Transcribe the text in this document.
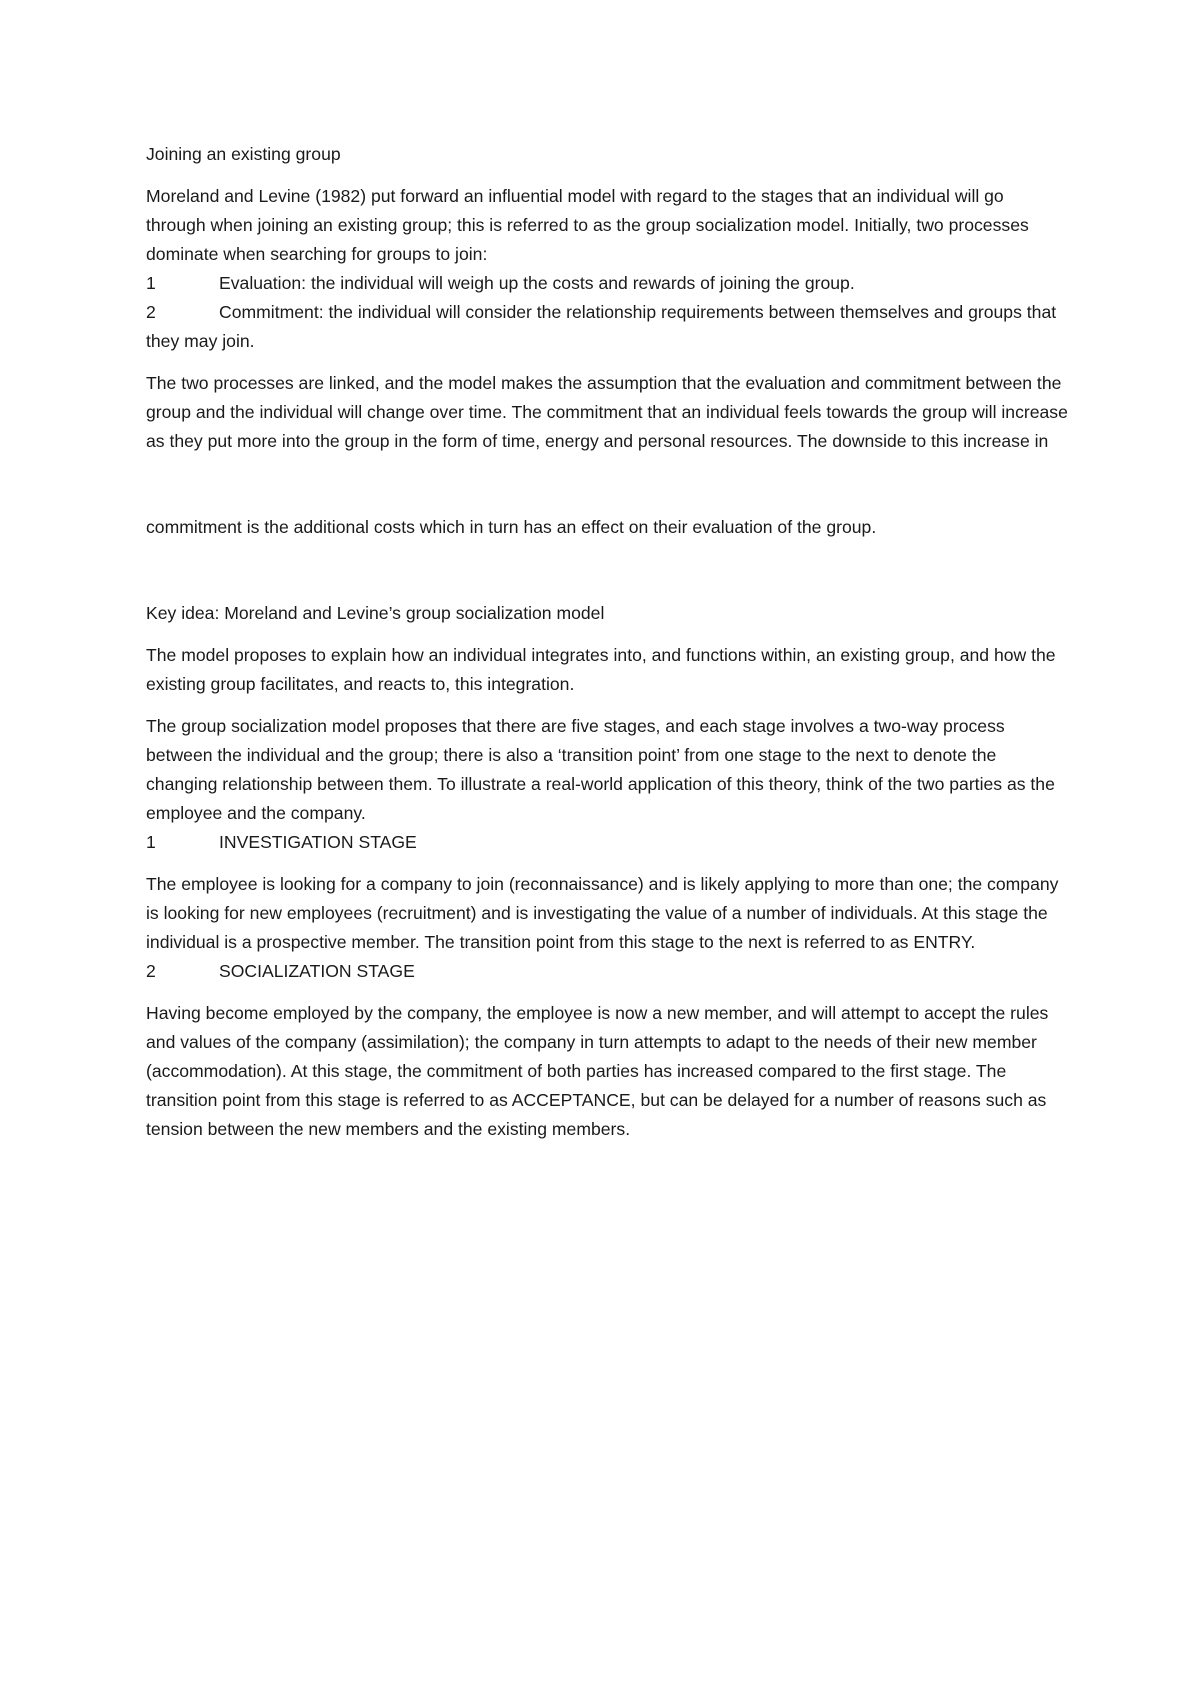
Joining an existing group

Moreland and Levine (1982) put forward an influential model with regard to the stages that an individual will go through when joining an existing group; this is referred to as the group socialization model. Initially, two processes dominate when searching for groups to join:

1	Evaluation: the individual will weigh up the costs and rewards of joining the group.

2	Commitment: the individual will consider the relationship requirements between themselves and groups that they may join.

The two processes are linked, and the model makes the assumption that the evaluation and commitment between the group and the individual will change over time. The commitment that an individual feels towards the group will increase as they put more into the group in the form of time, energy and personal resources. The downside to this increase in

commitment is the additional costs which in turn has an effect on their evaluation of the group.

Key idea: Moreland and Levine’s group socialization model

The model proposes to explain how an individual integrates into, and functions within, an existing group, and how the existing group facilitates, and reacts to, this integration.

The group socialization model proposes that there are five stages, and each stage involves a two-way process between the individual and the group; there is also a ‘transition point’ from one stage to the next to denote the changing relationship between them. To illustrate a real-world application of this theory, think of the two parties as the employee and the company.

1	INVESTIGATION STAGE

The employee is looking for a company to join (reconnaissance) and is likely applying to more than one; the company is looking for new employees (recruitment) and is investigating the value of a number of individuals. At this stage the individual is a prospective member. The transition point from this stage to the next is referred to as ENTRY.

2	SOCIALIZATION STAGE

Having become employed by the company, the employee is now a new member, and will attempt to accept the rules and values of the company (assimilation); the company in turn attempts to adapt to the needs of their new member (accommodation). At this stage, the commitment of both parties has increased compared to the first stage. The transition point from this stage is referred to as ACCEPTANCE, but can be delayed for a number of reasons such as tension between the new members and the existing members.
